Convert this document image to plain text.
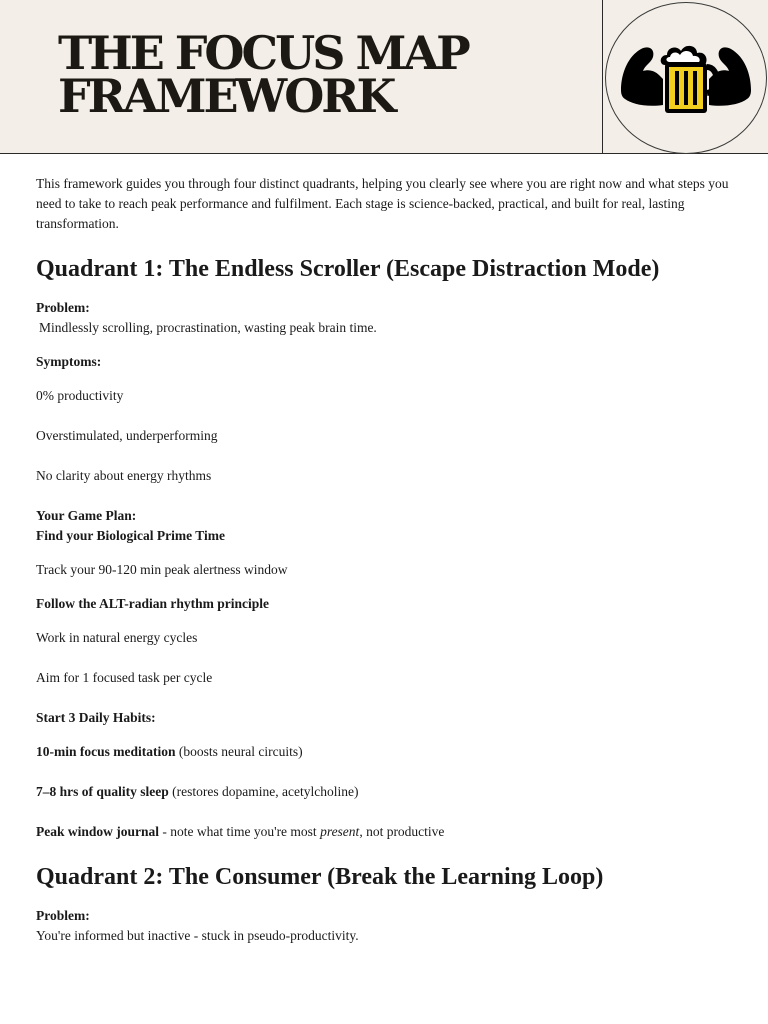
THE FOCUS MAP
FRAMEWORK

This framework guides you through four distinct quadrants, helping you clearly see where you are right now and what steps you need to take to reach peak performance and fulfilment. Each stage is science-backed, practical, and built for real, lasting transformation.

Quadrant 1: The Endless Scroller (Escape Distraction Mode)
Problem:
Mindlessly scrolling, procrastination, wasting peak brain time.
Symptoms:
0% productivity
Overstimulated, underperforming
No clarity about energy rhythms
Your Game Plan:
Find your Biological Prime Time
Track your 90-120 min peak alertness window
Follow the ALT-radian rhythm principle
Work in natural energy cycles
Aim for 1 focused task per cycle
Start 3 Daily Habits:
10-min focus meditation (boosts neural circuits)
7–8 hrs of quality sleep (restores dopamine, acetylcholine)
Peak window journal - note what time you're most present, not productive
Quadrant 2: The Consumer (Break the Learning Loop)
Problem:
You're informed but inactive - stuck in pseudo-productivity.
